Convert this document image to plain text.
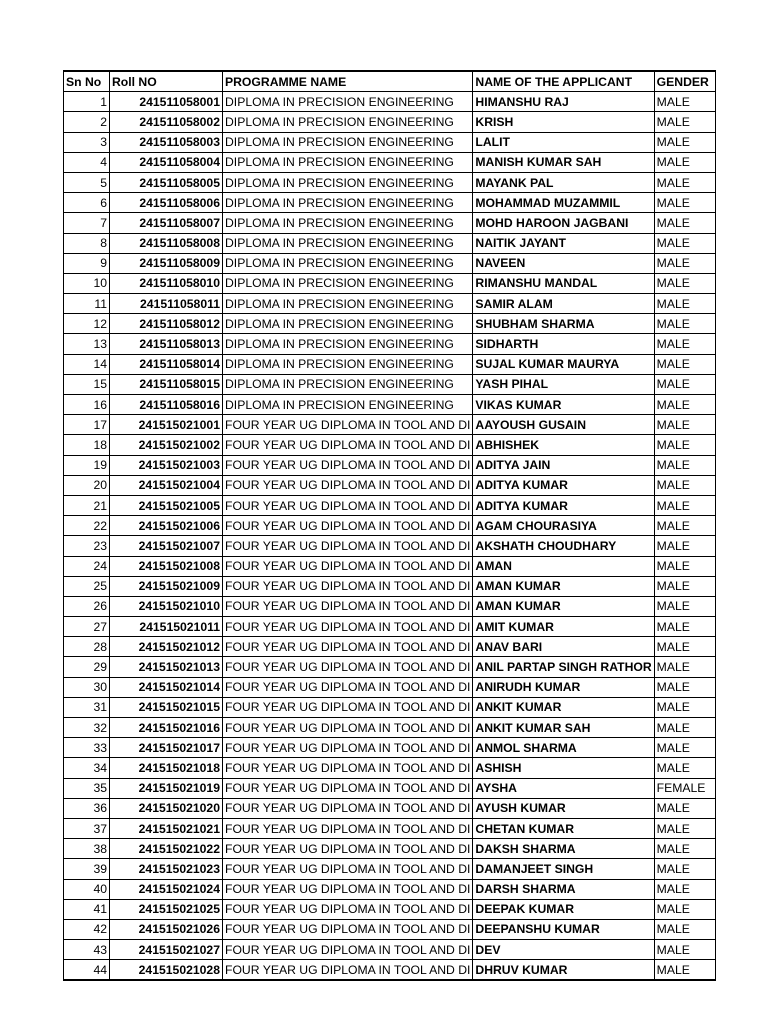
Sn No	Roll NO	PROGRAMME NAME	NAME OF THE APPLICANT	GENDER
1	241511058001	DIPLOMA IN PRECISION ENGINEERING	HIMANSHU RAJ	MALE
2	241511058002	DIPLOMA IN PRECISION ENGINEERING	KRISH	MALE
3	241511058003	DIPLOMA IN PRECISION ENGINEERING	LALIT	MALE
4	241511058004	DIPLOMA IN PRECISION ENGINEERING	MANISH KUMAR SAH	MALE
5	241511058005	DIPLOMA IN PRECISION ENGINEERING	MAYANK PAL	MALE
6	241511058006	DIPLOMA IN PRECISION ENGINEERING	MOHAMMAD MUZAMMIL	MALE
7	241511058007	DIPLOMA IN PRECISION ENGINEERING	MOHD HAROON JAGBANI	MALE
8	241511058008	DIPLOMA IN PRECISION ENGINEERING	NAITIK JAYANT	MALE
9	241511058009	DIPLOMA IN PRECISION ENGINEERING	NAVEEN	MALE
10	241511058010	DIPLOMA IN PRECISION ENGINEERING	RIMANSHU MANDAL	MALE
11	241511058011	DIPLOMA IN PRECISION ENGINEERING	SAMIR ALAM	MALE
12	241511058012	DIPLOMA IN PRECISION ENGINEERING	SHUBHAM SHARMA	MALE
13	241511058013	DIPLOMA IN PRECISION ENGINEERING	SIDHARTH	MALE
14	241511058014	DIPLOMA IN PRECISION ENGINEERING	SUJAL KUMAR MAURYA	MALE
15	241511058015	DIPLOMA IN PRECISION ENGINEERING	YASH PIHAL	MALE
16	241511058016	DIPLOMA IN PRECISION ENGINEERING	VIKAS KUMAR	MALE
17	241515021001	FOUR YEAR UG DIPLOMA IN TOOL AND DI	AAYOUSH GUSAIN	MALE
18	241515021002	FOUR YEAR UG DIPLOMA IN TOOL AND DI	ABHISHEK	MALE
19	241515021003	FOUR YEAR UG DIPLOMA IN TOOL AND DI	ADITYA JAIN	MALE
20	241515021004	FOUR YEAR UG DIPLOMA IN TOOL AND DI	ADITYA KUMAR	MALE
21	241515021005	FOUR YEAR UG DIPLOMA IN TOOL AND DI	ADITYA KUMAR	MALE
22	241515021006	FOUR YEAR UG DIPLOMA IN TOOL AND DI	AGAM CHOURASIYA	MALE
23	241515021007	FOUR YEAR UG DIPLOMA IN TOOL AND DI	AKSHATH CHOUDHARY	MALE
24	241515021008	FOUR YEAR UG DIPLOMA IN TOOL AND DI	AMAN	MALE
25	241515021009	FOUR YEAR UG DIPLOMA IN TOOL AND DI	AMAN KUMAR	MALE
26	241515021010	FOUR YEAR UG DIPLOMA IN TOOL AND DI	AMAN KUMAR	MALE
27	241515021011	FOUR YEAR UG DIPLOMA IN TOOL AND DI	AMIT KUMAR	MALE
28	241515021012	FOUR YEAR UG DIPLOMA IN TOOL AND DI	ANAV BARI	MALE
29	241515021013	FOUR YEAR UG DIPLOMA IN TOOL AND DI	ANIL PARTAP SINGH RATHOR	MALE
30	241515021014	FOUR YEAR UG DIPLOMA IN TOOL AND DI	ANIRUDH KUMAR	MALE
31	241515021015	FOUR YEAR UG DIPLOMA IN TOOL AND DI	ANKIT KUMAR	MALE
32	241515021016	FOUR YEAR UG DIPLOMA IN TOOL AND DI	ANKIT KUMAR SAH	MALE
33	241515021017	FOUR YEAR UG DIPLOMA IN TOOL AND DI	ANMOL SHARMA	MALE
34	241515021018	FOUR YEAR UG DIPLOMA IN TOOL AND DI	ASHISH	MALE
35	241515021019	FOUR YEAR UG DIPLOMA IN TOOL AND DI	AYSHA	FEMALE
36	241515021020	FOUR YEAR UG DIPLOMA IN TOOL AND DI	AYUSH KUMAR	MALE
37	241515021021	FOUR YEAR UG DIPLOMA IN TOOL AND DI	CHETAN KUMAR	MALE
38	241515021022	FOUR YEAR UG DIPLOMA IN TOOL AND DI	DAKSH SHARMA	MALE
39	241515021023	FOUR YEAR UG DIPLOMA IN TOOL AND DI	DAMANJEET SINGH	MALE
40	241515021024	FOUR YEAR UG DIPLOMA IN TOOL AND DI	DARSH SHARMA	MALE
41	241515021025	FOUR YEAR UG DIPLOMA IN TOOL AND DI	DEEPAK KUMAR	MALE
42	241515021026	FOUR YEAR UG DIPLOMA IN TOOL AND DI	DEEPANSHU KUMAR	MALE
43	241515021027	FOUR YEAR UG DIPLOMA IN TOOL AND DI	DEV	MALE
44	241515021028	FOUR YEAR UG DIPLOMA IN TOOL AND DI	DHRUV KUMAR	MALE
